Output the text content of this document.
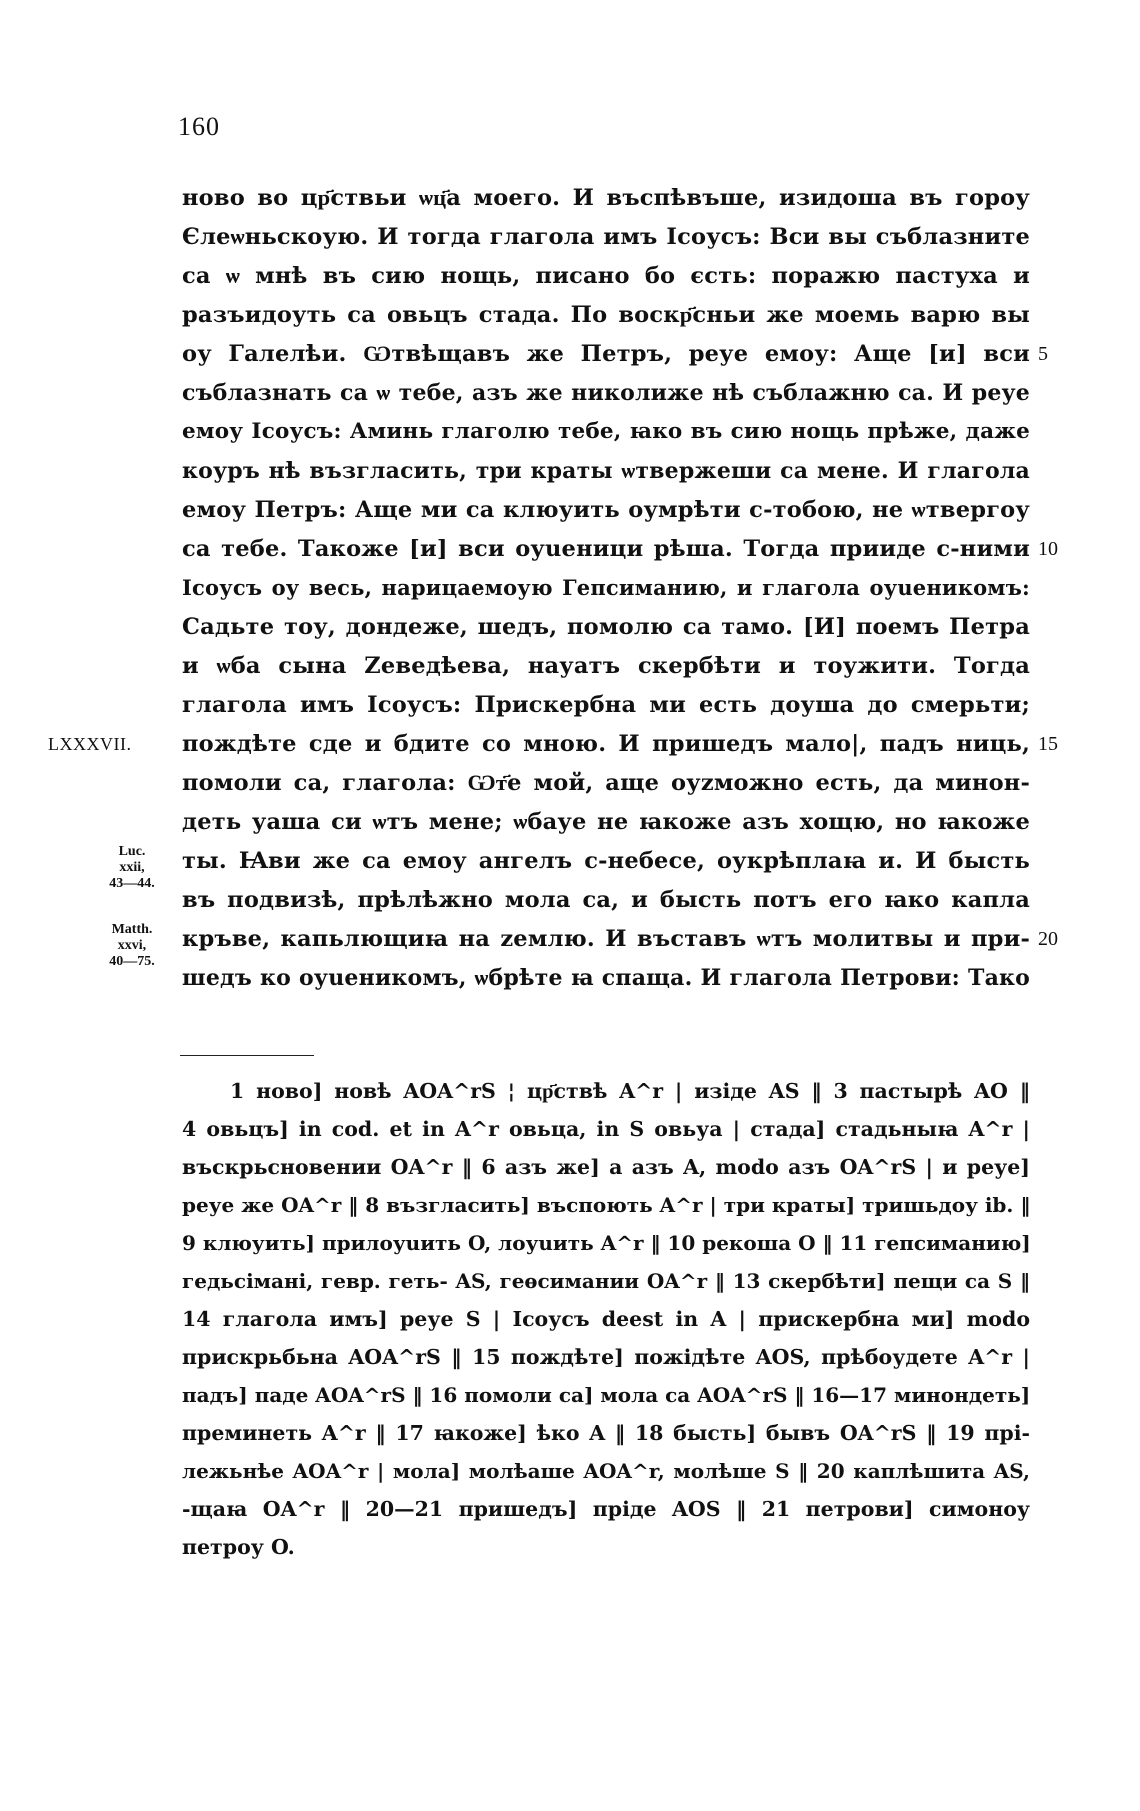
160
ново во цр҃ствьи ѡц҃а моего. И въспѣвъше, изидоша въ гороу
Єлеѡньскоую. И тогда глагола имъ Ісоусъ: Вси вы съблазните
са ѡ мнѣ въ сию нощь, писано бо єсть: поражю пастуха и
разъидоуть са овьцъ стада. По воскр҃сньи же моемь варю вы
оу Галелѣи. Ѡтвѣщавъ же Петръ, реуе емоу: Аще [и] вси
съблазнать са ѡ тебе, азъ же николиже нѣ съблажню са. И реуе
емоу Ісоусъ: Аминь глаголю тебе, ꙗко въ сию нощь прѣже, даже
коуръ нѣ възгласить, три краты ѡтвержеши са мене. И глагола
емоу Петръ: Аще ми са клюуить оумрѣти с-тобою, не ѡтвергоу
са тебе. Такоже [и] вси оуueници рѣша. Тогда прииде с-ними
Ісоусъ оу весь, нарицаемоую Гепсиманию, и глагола оуueникомъ:
Садьте тоу, дондеже, шедъ, помолю са тамо. [И] поемъ Петра
и ѡба сына Zеведѣева, науатъ скербѣти и тоужити. Тогда
глагола имъ Ісоусъ: Прискербна ми есть доуша до смерьти;
пождѣте сде и бдите со мною. И пришедъ мало|, падъ ниць,
помоли са, глагола: Ѡт҃е мой, аще оуzможно есть, да минон-
деть уаша си ѡтъ мене; ѡбауе не ꙗкоже азъ хощю, но ꙗкоже
ты. Ꙗви же са емоу ангелъ с-небесе, оукрѣплаꙗ и. И бысть
въ подвизѣ, прѣлѣжно мола са, и бысть потъ его ꙗко капла
кръве, капьлющиꙗ на zемлю. И въставъ ѡтъ молитвы и при-
шедъ ко оуueникомъ, ѡбрѣте ꙗ спаща. И глагола Петрови: Тако
5
10
15
20
LXXXVII.
Luc.
xxii,
43—44.
Matth.
xxvi,
40—75.
1 ново] новѣ AOA^rS ¦ цр҃ствѣ A^r | изіде AS ‖ 3 пастырѣ AO ‖
4 овьцъ] in cod. et in A^r овьца, in S овьуа | стада] стадьныꙗ A^r |
въскрьсновении OA^r ‖ 6 азъ же] а азъ A, modo азъ OA^rS | и реуе]
реуе же OA^r ‖ 8 възгласить] въспоють A^r | три краты] тришьдоу ib. ‖
9 клюуить] прилоуuить O, лоуuить A^r ‖ 10 рекоша O ‖ 11 гепсиманию]
гедьсімані, гевр. геть- AS, геѳсимании OA^r ‖ 13 скербѣти] пещи са S ‖
14 глагола имъ] реуе S | Ісоусъ deest in A | прискербна ми] modo
прискрьбьна AOA^rS ‖ 15 пождѣте] пожідѣте AOS, прѣбоудете A^r |
падъ] паде AOA^rS ‖ 16 помоли са] мола са AOA^rS ‖ 16—17 минондеть]
преминеть A^r ‖ 17 ꙗкоже] ѣко A ‖ 18 бысть] бывъ OA^rS ‖ 19 прі-
лежьнѣе AOA^r | мола] молѣаше AOA^r, молѣше S ‖ 20 каплѣшита AS,
-щаꙗ OA^r ‖ 20—21 пришедъ] пріде AOS ‖ 21 петрови] симоноу
петроу O.
